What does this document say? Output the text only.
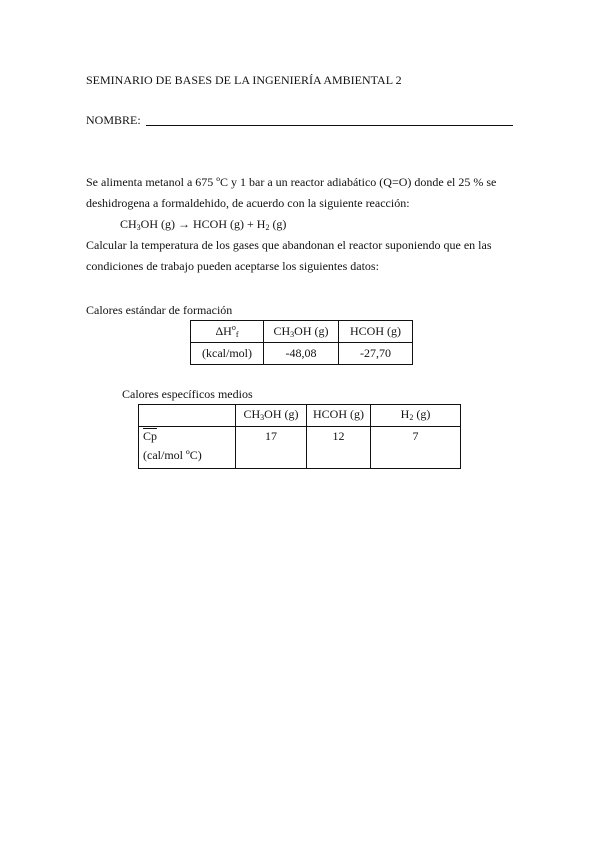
SEMINARIO DE BASES DE LA INGENIERÍA AMBIENTAL 2
NOMBRE:
Se alimenta metanol a 675 ºC y 1 bar a un reactor adiabático (Q=O) donde el 25 % se
deshidrogena a formaldehido, de acuerdo con la siguiente reacción:
$CH_3OH$ (g) → HCOH $(g) + H_2$ (g)
Calcular la temperatura de los gases que abandonan el reactor suponiendo que en las
condiciones de trabajo pueden aceptarse los siguientes datos:
Calores estándar de formación
$\Delta H^o_f$	$CH_3OH$ (g)	HCOH (g)
(kcal/mol)	-48,08	-27,70
Calores específicos medios
	$CH_3OH$ (g)	HCOH (g)	$H_2$ (g)

$\overline{Cp}$
(cal/mol ºC)	17	12	7
